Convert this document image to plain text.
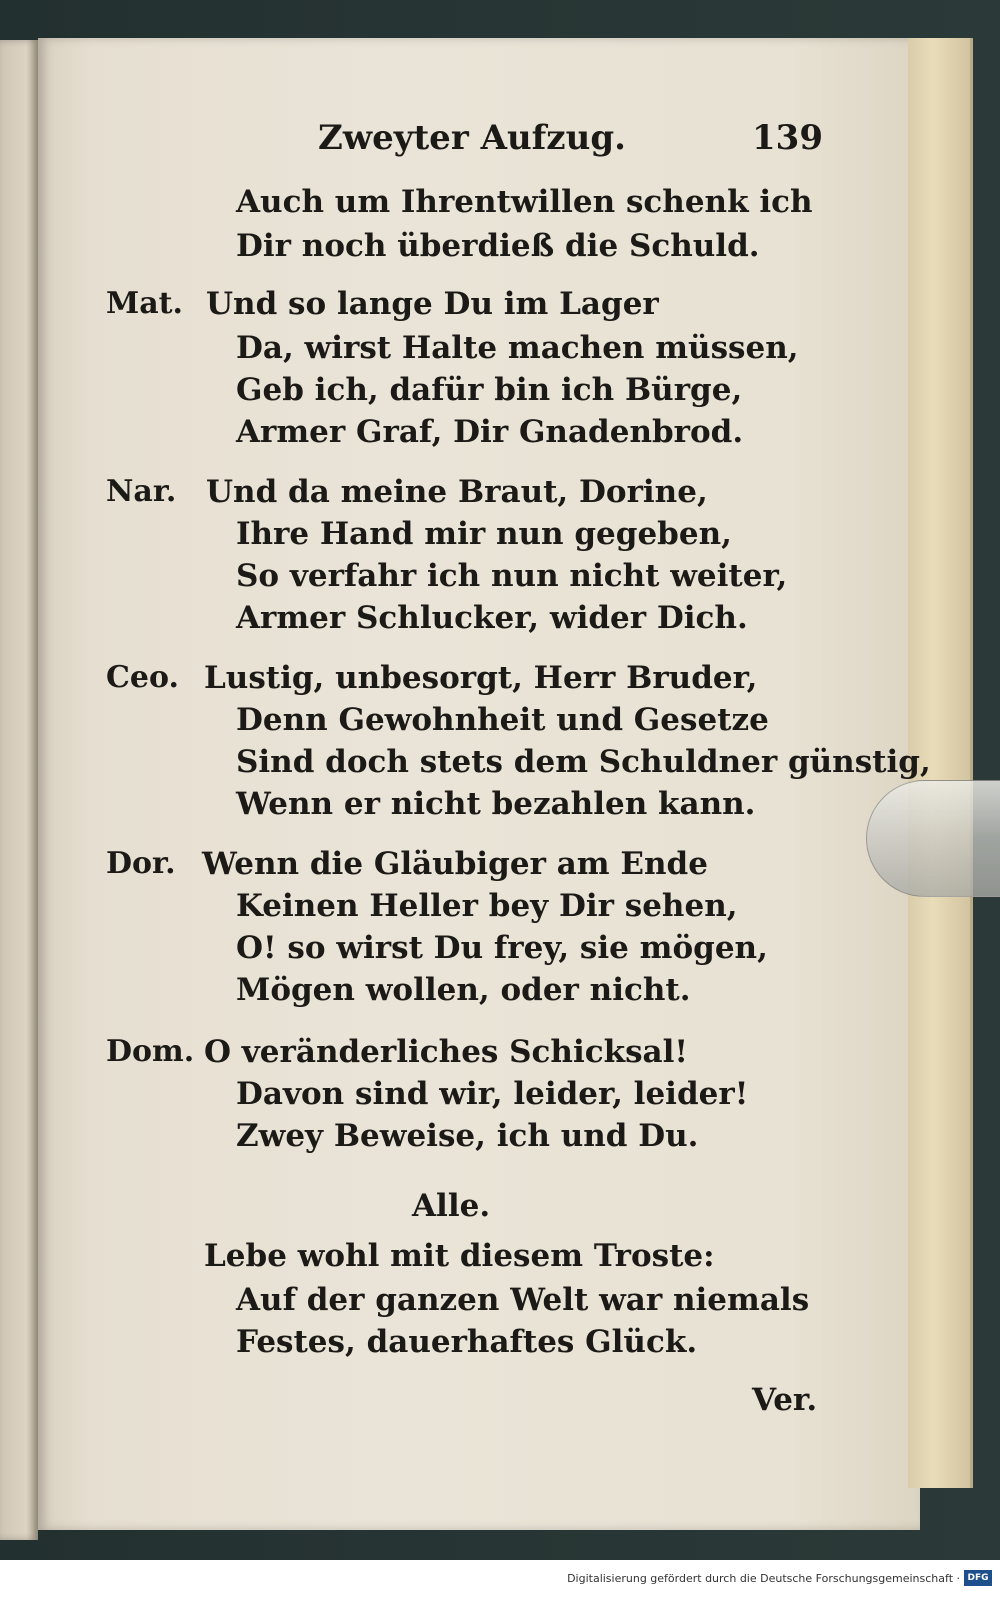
Zweyter Aufzug.	139
Auch um Ihrentwillen schenk ich
Dir noch überdieß die Schuld.
Mat. Und so lange Du im Lager
Da, wirst Halte machen müssen,
Geb ich, dafür bin ich Bürge,
Armer Graf, Dir Gnadenbrod.
Nar. Und da meine Braut, Dorine,
Ihre Hand mir nun gegeben,
So verfahr ich nun nicht weiter,
Armer Schlucker, wider Dich.
Ceo. Lustig, unbesorgt, Herr Bruder,
Denn Gewohnheit und Gesetze
Sind doch stets dem Schuldner günstig,
Wenn er nicht bezahlen kann.
Dor. Wenn die Gläubiger am Ende
Keinen Heller bey Dir sehen,
O! so wirst Du frey, sie mögen,
Mögen wollen, oder nicht.
Dom. O veränderliches Schicksal!
Davon sind wir, leider, leider!
Zwey Beweise, ich und Du.
Alle.
Lebe wohl mit diesem Troste:
Auf der ganzen Welt war niemals
Festes, dauerhaftes Glück.
Ver.
Digitalisierung gefördert durch die Deutsche Forschungsgemeinschaft · DFG
